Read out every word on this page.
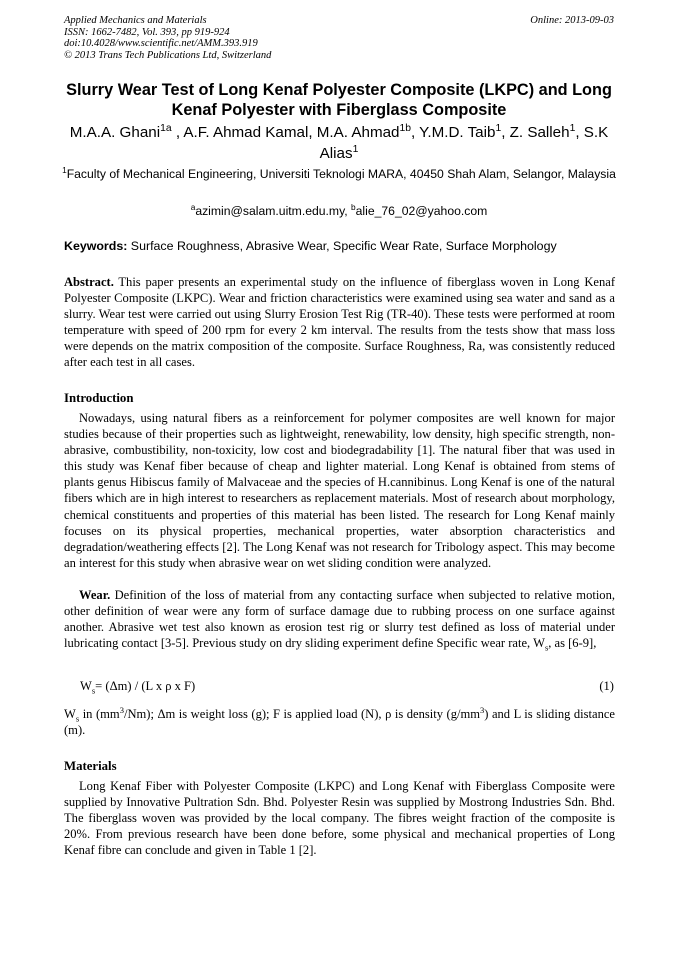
Applied Mechanics and Materials
ISSN: 1662-7482, Vol. 393, pp 919-924
doi:10.4028/www.scientific.net/AMM.393.919
© 2013 Trans Tech Publications Ltd, Switzerland
Online: 2013-09-03
Slurry Wear Test of Long Kenaf Polyester Composite (LKPC) and Long Kenaf Polyester with Fiberglass Composite
M.A.A. Ghani$^{1a}$ , A.F. Ahmad Kamal, M.A. Ahmad$^{1b}$, Y.M.D. Taib$^1$, Z. Salleh$^1$, S.K Alias$^1$
$^1$Faculty of Mechanical Engineering, Universiti Teknologi MARA, 40450 Shah Alam, Selangor, Malaysia
$^a$azimin@salam.uitm.edu.my, $^b$alie_76_02@yahoo.com
Keywords: Surface Roughness, Abrasive Wear, Specific Wear Rate, Surface Morphology
Abstract. This paper presents an experimental study on the influence of fiberglass woven in Long Kenaf Polyester Composite (LKPC). Wear and friction characteristics were examined using sea water and sand as a slurry. Wear test were carried out using Slurry Erosion Test Rig (TR-40). These tests were performed at room temperature with speed of 200 rpm for every 2 km interval. The results from the tests show that mass loss were depends on the matrix composition of the composite. Surface Roughness, Ra, was consistently reduced after each test in all cases.
Introduction
Nowadays, using natural fibers as a reinforcement for polymer composites are well known for major studies because of their properties such as lightweight, renewability, low density, high specific strength, non-abrasive, combustibility, non-toxicity, low cost and biodegradability [1]. The natural fiber that was used in this study was Kenaf fiber because of cheap and lighter material. Long Kenaf is obtained from stems of plants genus Hibiscus family of Malvaceae and the species of H.cannibinus. Long Kenaf is one of the natural fibers which are in high interest to researchers as replacement materials. Most of research about morphology, chemical constituents and properties of this material has been listed. The research for Long Kenaf mainly focuses on its physical properties, mechanical properties, water absorption characteristics and degradation/weathering effects [2]. The Long Kenaf was not research for Tribology aspect. This may become an interest for this study when abrasive wear on wet sliding condition were analyzed.
Wear. Definition of the loss of material from any contacting surface when subjected to relative motion, other definition of wear were any form of surface damage due to rubbing process on one surface against another. Abrasive wet test also known as erosion test rig or slurry test defined as loss of material under lubricating contact [3-5]. Previous study on dry sliding experiment define Specific wear rate, $W_s$, as [6-9],
$W_s= (\Delta m) / (L$ x ρ x F)	(1)
$W_s$ in $(mm^3/Nm)$; Δm is weight loss (g); F is applied load (N), ρ is density $(g/mm^3)$ and L is sliding distance (m).
Materials
Long Kenaf Fiber with Polyester Composite (LKPC) and Long Kenaf with Fiberglass Composite were supplied by Innovative Pultration Sdn. Bhd. Polyester Resin was supplied by Mostrong Industries Sdn. Bhd. The fiberglass woven was provided by the local company. The fibres weight fraction of the composite is 20%. From previous research have been done before, some physical and mechanical properties of Long Kenaf fibre can conclude and given in Table 1 [2].
